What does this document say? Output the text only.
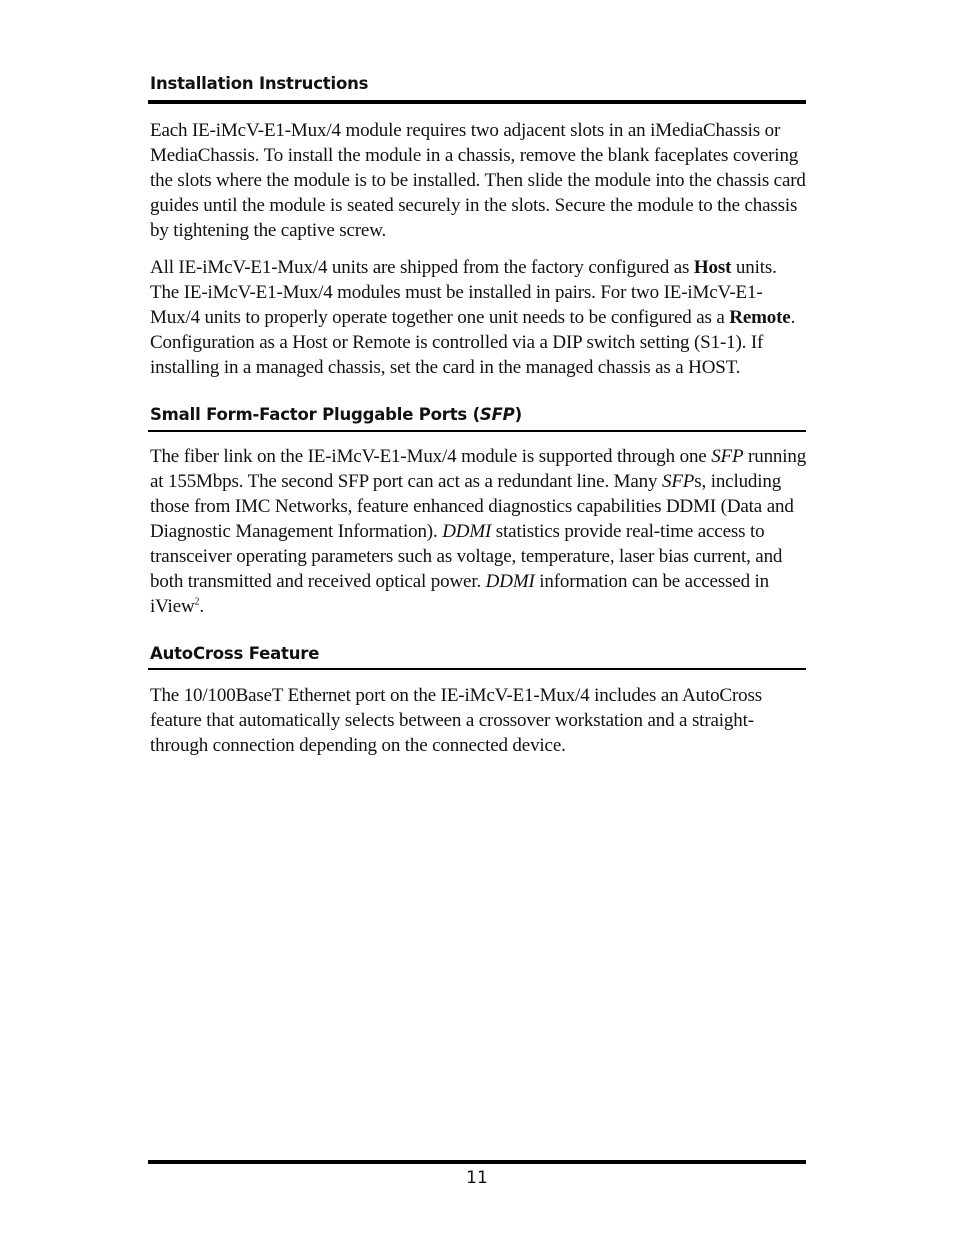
Installation Instructions

Each IE-iMcV-E1-Mux/4 module requires two adjacent slots in an iMediaChassis or MediaChassis. To install the module in a chassis, remove the blank faceplates covering the slots where the module is to be installed. Then slide the module into the chassis card guides until the module is seated securely in the slots. Secure the module to the chassis by tightening the captive screw.

All IE-iMcV-E1-Mux/4 units are shipped from the factory configured as Host units. The IE-iMcV-E1-Mux/4 modules must be installed in pairs. For two IE-iMcV-E1-Mux/4 units to properly operate together one unit needs to be configured as a Remote. Configuration as a Host or Remote is controlled via a DIP switch setting (S1-1). If installing in a managed chassis, set the card in the managed chassis as a HOST.

Small Form-Factor Pluggable Ports (SFP)

The fiber link on the IE-iMcV-E1-Mux/4 module is supported through one SFP running at 155Mbps. The second SFP port can act as a redundant line. Many SFPs, including those from IMC Networks, feature enhanced diagnostics capabilities DDMI (Data and Diagnostic Management Information). DDMI statistics provide real-time access to transceiver operating parameters such as voltage, temperature, laser bias current, and both transmitted and received optical power. DDMI information can be accessed in iView$^2$.

AutoCross Feature

The 10/100BaseT Ethernet port on the IE-iMcV-E1-Mux/4 includes an AutoCross feature that automatically selects between a crossover workstation and a straight-through connection depending on the connected device.

11
